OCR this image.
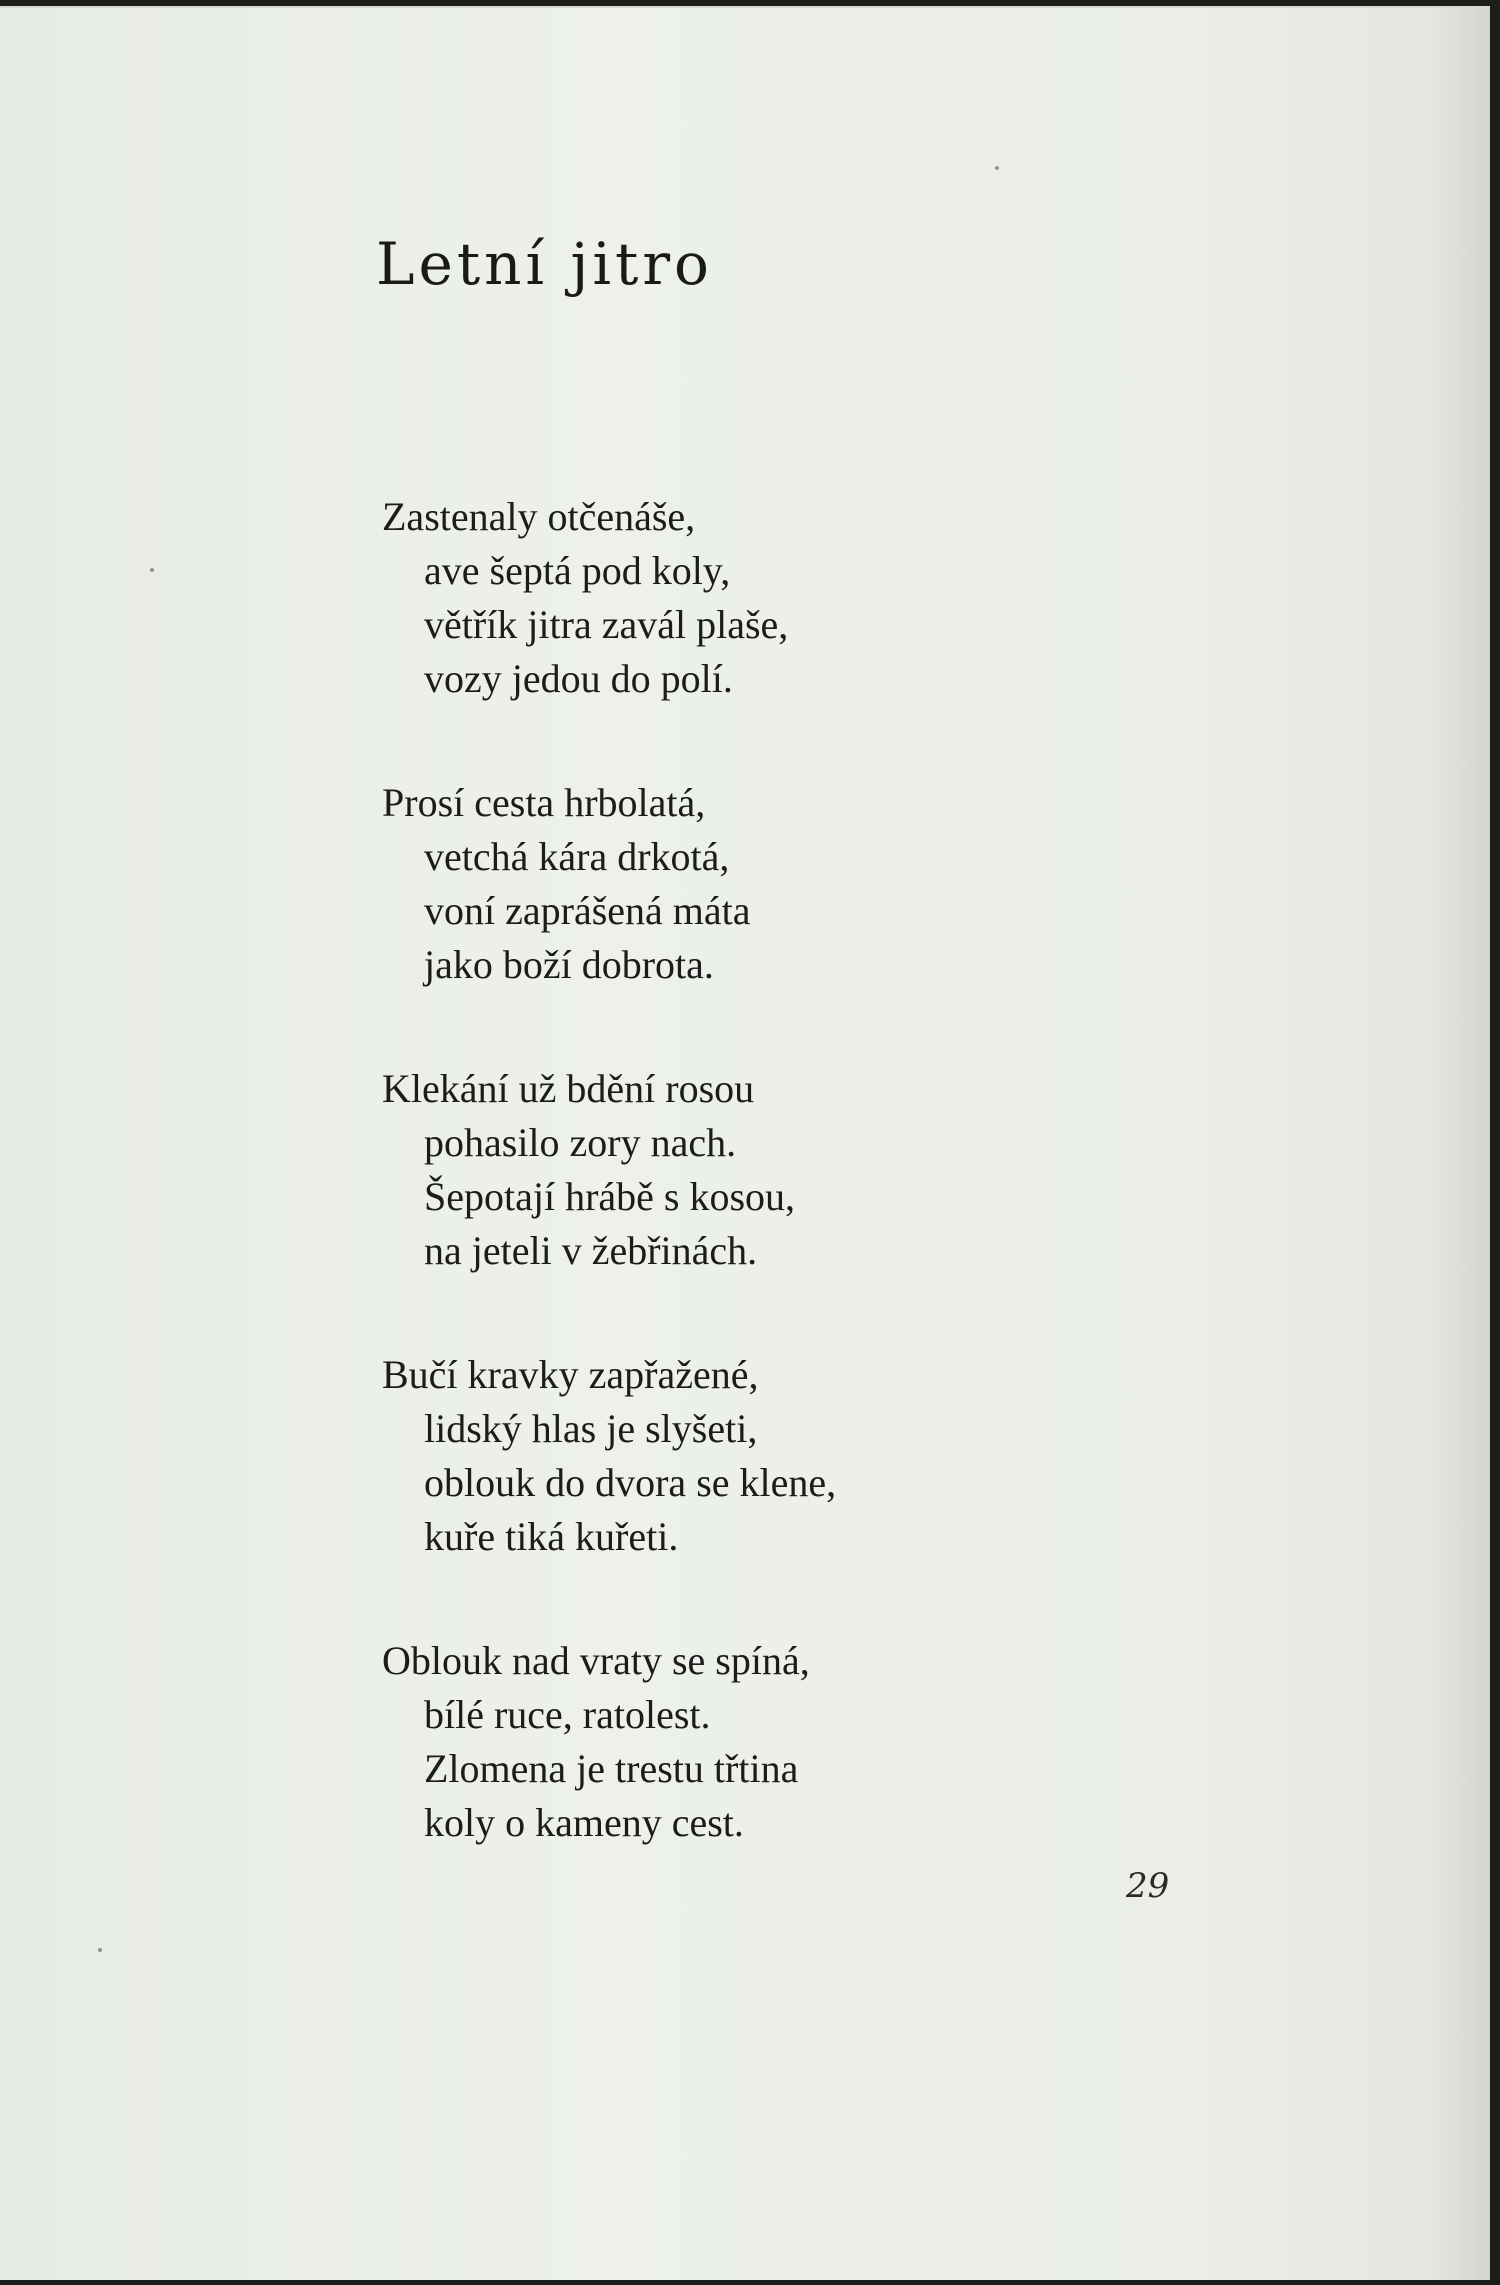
Letní jitro

Zastenaly otčenáše,
ave šeptá pod koly,
větřík jitra zavál plaše,
vozy jedou do polí.

Prosí cesta hrbolatá,
vetchá kára drkotá,
voní zaprášená máta
jako boží dobrota.

Klekání už bdění rosou
pohasilo zory nach.
Šepotají hrábě s kosou,
na jeteli v žebřinách.

Bučí kravky zapřažené,
lidský hlas je slyšeti,
oblouk do dvora se klene,
kuře tiká kuřeti.

Oblouk nad vraty se spíná,
bílé ruce, ratolest.
Zlomena je trestu třtina
koly o kameny cest.

29
